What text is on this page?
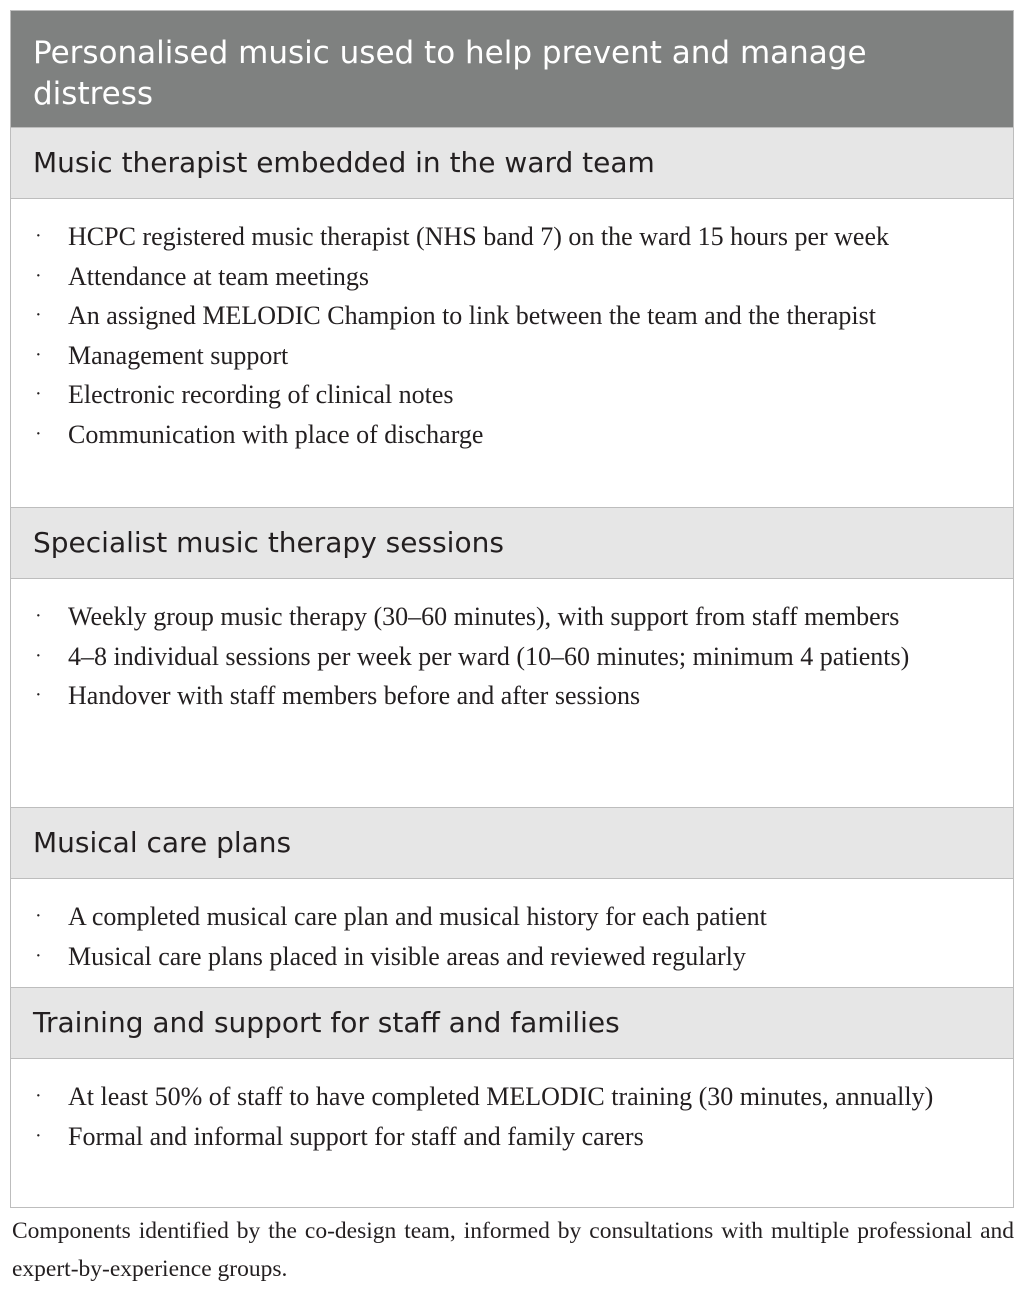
Personalised music used to help prevent and manage distress
Music therapist embedded in the ward team
· HCPC registered music therapist (NHS band 7) on the ward 15 hours per week
· Attendance at team meetings
· An assigned MELODIC Champion to link between the team and the therapist
· Management support
· Electronic recording of clinical notes
· Communication with place of discharge
Specialist music therapy sessions
· Weekly group music therapy (30–60 minutes), with support from staff members
· 4–8 individual sessions per week per ward (10–60 minutes; minimum 4 patients)
· Handover with staff members before and after sessions
Musical care plans
· A completed musical care plan and musical history for each patient
· Musical care plans placed in visible areas and reviewed regularly
Training and support for staff and families
· At least 50% of staff to have completed MELODIC training (30 minutes, annually)
· Formal and informal support for staff and family carers
Components identified by the co-design team, informed by consultations with multiple professional and expert-by-experience groups.
